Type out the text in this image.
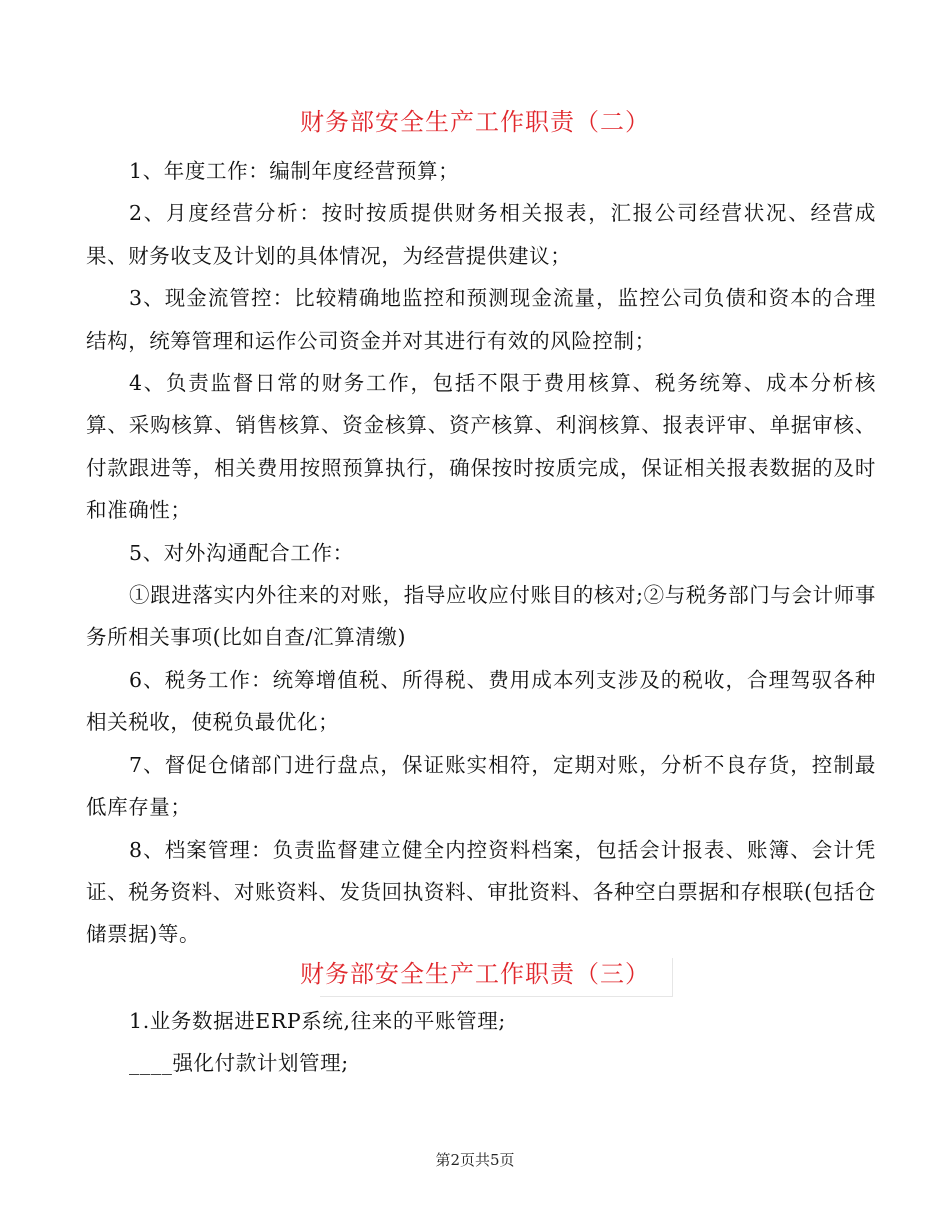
财务部安全生产工作职责（二）

1、年度工作：编制年度经营预算；

2、月度经营分析：按时按质提供财务相关报表，汇报公司经营状况、经营成果、财务收支及计划的具体情况，为经营提供建议；

3、现金流管控：比较精确地监控和预测现金流量，监控公司负债和资本的合理结构，统筹管理和运作公司资金并对其进行有效的风险控制；

4、负责监督日常的财务工作，包括不限于费用核算、税务统筹、成本分析核算、采购核算、销售核算、资金核算、资产核算、利润核算、报表评审、单据审核、付款跟进等，相关费用按照预算执行，确保按时按质完成，保证相关报表数据的及时和准确性；

5、对外沟通配合工作：

①跟进落实内外往来的对账，指导应收应付账目的核对;②与税务部门与会计师事务所相关事项(比如自查/汇算清缴)

6、税务工作：统筹增值税、所得税、费用成本列支涉及的税收，合理驾驭各种相关税收，使税负最优化；

7、督促仓储部门进行盘点，保证账实相符，定期对账，分析不良存货，控制最低库存量；

8、档案管理：负责监督建立健全内控资料档案，包括会计报表、账簿、会计凭证、税务资料、对账资料、发货回执资料、审批资料、各种空白票据和存根联(包括仓储票据)等。

财务部安全生产工作职责（三）

1.业务数据进ERP系统,往来的平账管理;

____强化付款计划管理;

第2页共5页
